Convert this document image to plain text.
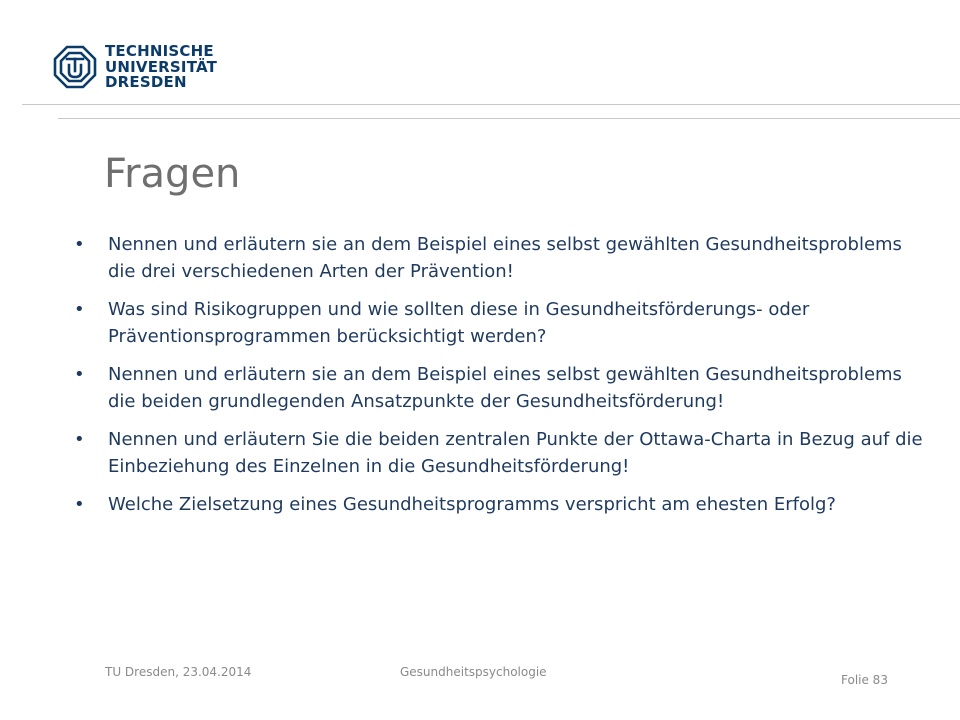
TECHNISCHE
UNIVERSITÄT
DRESDEN
Fragen
• Nennen und erläutern sie an dem Beispiel eines selbst gewählten Gesundheitsproblems die drei verschiedenen Arten der Prävention!
• Was sind Risikogruppen und wie sollten diese in Gesundheitsförderungs- oder Präventionsprogrammen berücksichtigt werden?
• Nennen und erläutern sie an dem Beispiel eines selbst gewählten Gesundheitsproblems die beiden grundlegenden Ansatzpunkte der Gesundheitsförderung!
• Nennen und erläutern Sie die beiden zentralen Punkte der Ottawa-Charta in Bezug auf die Einbeziehung des Einzelnen in die Gesundheitsförderung!
• Welche Zielsetzung eines Gesundheitsprogramms verspricht am ehesten Erfolg?
TU Dresden, 23.04.2014	Gesundheitspsychologie
Folie 83
